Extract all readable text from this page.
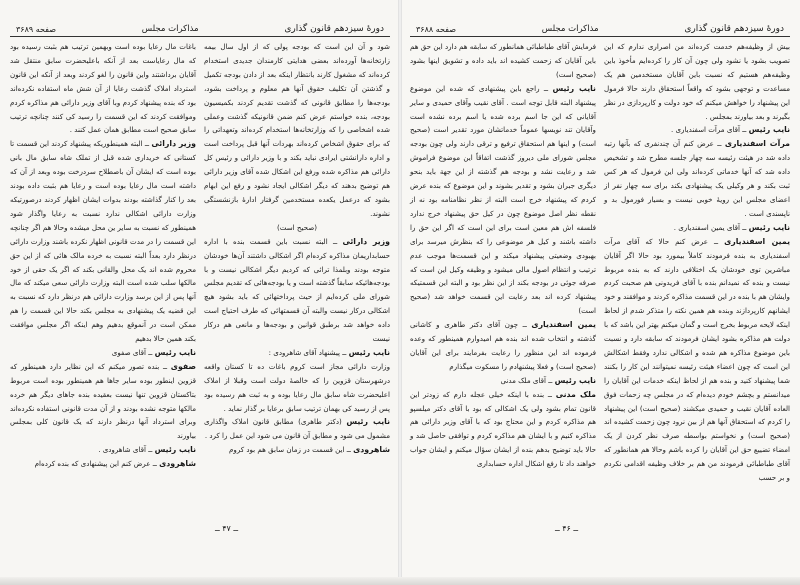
دورهٔ سیزدهم قانون گذاری
مذاکرات مجلس
صفحه ۳۶۸۹

شود و آن این است که بودجه پولی که از اول سال بیمه زارتخانه‌ها آورده‌اند بعضی هدایتی کارمندان جدیدی استخدام کرده‌اند که مشغول کارند بانتظار اینکه بعد از دادن بودجه تکمیل و گذشتن آن تکلیف حقوق آنها هم معلوم و پرداخت بشود، بودجه‌ها را مطابق قانونی که گذشت تقدیم کردند بکمیسیون بودجه، بنده خواستم عرض کنم ضمن قانونیکه گذشت وعملی شده اشخاصی را که وزارتخانه‌ها استخدام کرده‌اند وتعهداتی را که برای حقوق اشخاص کرده‌اند بهردات آنها قبل پرداخت است و اداره دارانشتی ایرادی نباید بکند و با وزیر دارائی و رئیس کل دارائی هم مذاکره شده ورفع این اشکال شده آقای وزیر دارائی هم توضیح بدهند که دیگر اشکالی ایجاد نشود و رفع این ابهام بشود که درعمل یکعده مستخدمین گرفتار ادارهٔ بازنشستگی نشوند.

(صحیح است)

وزیر دارائی ــ البته نسبت باین قسمت بنده با اداره حسابداریمان مذاکره کرده‌ام اگر اشکالی داشتند آن‌ها خودشان متوجه بودند وبلمذا ترائی که کردیم دیگر اشکالی نیست و با بودجه‌هائیکه سابقاً گذشته است و یا بودجه‌هائی که تقدیم مجلس شورای ملی کرده‌ایم از حیث پرداختهائی که باید بشود هیچ اشکالی درکار نیست والبته آن قسمتهائی که طرف احتیاج است داده خواهد شد برطبق قوانین و بودجه‌ها و مانعی هم درکار نیست

نایب رئیس ــ پیشنهاد آقای شاهرودی :

وزارت دارائی مجاز است کروم باغات ده تا کستان واقعه درشهرستان قزوین را که خالصهٔ دولت است وقبلا از املاک اعلیحضرت شاه سابق مال رعایا بوده و به ثبت هم رسیده بود پس از رسید کی بهمان ترتیب سابق برعایا بر گذار نماید .

نایب رئیس (دکتر طاهری) مطابق قانون املاک واگذاری مشمول می شود و مطابق آن قانون می شود این عمل را کرد .

شاهرودی ــ این قسمت در زمان سابق هم بود کروم

باغات مال رعایا بوده است وبهمین ترتیب هم بثبت رسیده بود که مال رعایاست بعد از آنکه باعلیحضرت سابق منتقل شد آقایان برداشتند واین قانون را لغو کردند وبعد از آنکه این قانون استرداد املاک گذشت رعایا از آن شش ماه استفاده نکرده‌اند بود که بنده پیشنهاد کردم وبا آقای وزیر دارائی هم مذاکره کردم وموافقت کردند که این قسمت را رسید کی کنند چنانچه ترتیب سابق صحیح است مطابق همان عمل کنند .

وزیر دارائی ــ البته همینطوریکه پیشنهاد کردند این قسمت تا کستانی که خریداری شده قبل از تملک شاه سابق مال بانی بوده است که ایشان آن باصطلاح سردرخت بوده وبعد از آن که داشته است مال رعایا بوده است و رعایا هم بثبت داده بودند بعد را کنار گذاشته بودند بدوات ایشان اظهار کردند درصورتیکه وزارت دارائی اشکالی ندارد نسبت به رعایا واگذار شود همینطور که نسبت به سایر ین محل میشده وحالا هم اگر چنانچه این قسمت را در مدت قانونی اظهار نکرده باشند وزارت دارائی درنظر دارد بعداً البته نسبت به خرده مالک هائی که از این حق محروم شده اند یک محل والقانی بکند که اگر یک حقی از خود مالکها سلب شده است البته وزارت دارائی سعی میکند که مال آنها پس از این برسد وزارت دارائی هم درنظر دارد که نسبت به این قضیه یک پیشنهادی به مجلس بکند حالا این قسمت را هم ممکن است در آنموقع بدهیم وهم اینکه اگر مجلس موافقت بکند همین حالا بدهیم

نایب رئیس ــ آقای صفوی

صفوی ــ بنده تصور میکنم که این نظایر دارد همینطور که قزوین اینطور بوده سایر جاها هم همینطور بوده است مربوط بتاکستان قزوین تنها نیست بعقیده بنده جاهای دیگر هم خرده مالکها متوجه نشده بودند و از آن مدت قانونی استفاده نکرده‌اند وبرای استرداد آنها درنظر دارند که یک قانون کلی بمجلس بیاورند

نایب رئیس ــ آقای شاهرودی .

شاهرودی ــ عرض کنم این پیشنهادی که بنده کرده‌ام

ــ ۴۷ ــ
دورهٔ سیزدهم قانون گذاری
مذاکرات مجلس
صفحه ۳۶۸۸

بیش از وظیفه‌هم خدمت کرده‌اند من اصراری ندارم که این تصویب بشود یا نشود ولی چون آن کار را کرده‌ایم مأخوذ باین وظیفه‌هم هستیم که نسبت باین آقایان مستخدمین هم یک مساعدت و توجهی بشود که واقعاً استحقاق دارند حالا فرمول این پیشنهاد را خواهش میکنم که خود دولت و کارپردازی در نظر بگیرند و بعد بیاورند بمجلس .

نایب رئیس ــ آقای مرآت اسفندیاری .

مرآت اسفندیاری ــ عرض کنم آن چندنفری که بآنها رتبه داده شد در هیئت رئیسه سه چهار جلسه مطرح شد و تشخیص داده شد که آنها خدماتی کرده‌اند ولی این فرمول که هر کس ثبت بکند و هر وکیلی یک پیشنهادی بکند برای سه چهار نفر از اعضای مجلس این رویهٔ خوبی نیست و بسیار فورمول بد و ناپسندی است .

نایب رئیس ــ آقای یمین اسفندیاری .

یمین اسفندیاری ــ عرض کنم حالا که آقای مرآت اسفندیاری به بنده فرمودند کاملاً بیمورد بود حالا اگر آقایان مباشرین توی خودشان یک اختلافی دارند که به بنده مربوط نیست و بنده که نمیدانم بنده با آقای فریدونی هم صحبت کردم وایشان هم با بنده در این قسمت مذاکره کردند و موافقند و خود ایشانهم کارپردازند وبنده هم همین نکته را متذکر شدم از لحاظ اینکه لایحه مربوط بخرج است و گمان میکنم بهتر این باشد که با دولت هم مذاکره بشود ایشان فرمودند که سابقه دارد و نسبت باین موضوع مذاکره هم شده و اشکالی ندارد وفقط اشکالش این است که چون اعضاء هیئت رئیسه نمیتوانند این کار را بکنند شما پیشنهاد کنید و بنده هم از لحاظ اینکه خدمات این آقایان را میدانستم و بچشم خودم دیده‌ام که در مجلس چه زحمات فوق العاده آقایان نقیب و حمیدی میکشند (صحیح است) این پیشنهاد را کردم که استحقاق آنها هم از بین نرود چون زحمت کشیده اند (صحیح است) و نخواستم بواسطه صرف نظر کردن از یک امضاء تضییع حق این آقایان را کرده باشم وحالا هم همانطور که آقای طباطبائی فرمودند من هم بر خلاف وظیفه اقدامی نکردم و بر حسب

فرمایش آقای طباطبائی همانطور که سابقه هم دارد این حق هم باین آقایان که زحمت کشیده اند باید داده و تشویق اینها بشود (صحیح است)

نایب رئیس ــ راجع باین پیشنهادی که شده این موضوع پیشنهاد البته قابل توجه است . آقای نقیب وآقای حمیدی و سایر آقایانی که این جا اسم برده شده یا اسم برده نشده است وآقایان تند نویسها عموماً خدماتشان مورد تقدیر است (صحیح است) و اینها هم استحقاق ترفیع و ترقی دارند ولی چون بودجه مجلس شورای ملی دیروز گذشت اتفاقاً این موضوع فراموش شد و رعایت نشد و بودجه هم گذشته از این جهة باید بنحو دیگری جبران بشود و تقدیر بشوند و این موضوع که بنده عرض کردم که پیشنهاد خرج است البته از نظر نظامنامه بود نه از نقطه نظر اصل موضوع چون در کیل حق پیشنهاد خرج ندارد فلسفه اش هم معین است برای این است که اگر این حق را داشته باشند و کیل هر موضوعی را که بنظرش میرسد برای بهبودی وضعیتی پیشنهاد میکند و این قسمت‌ها موجب عدم ترتیب و انتظام اصول مالی میشود و وظیفه وکیل این است که صرفه جوئی در بودجه بکند از این نظر بود و البته این قسمتیکه پیشنهاد کرده اند بعد رعایت این قسمت خواهد شد (صحیح است)

یمین اسفندیاری ــ چون آقای دکتر طاهری و کاشانی گذشته و انتخاب شده اند بنده هم امیدوارم همینطور که وعده فرموده اند این منظور را رعایت بفرمایند برای این آقایان (صحیح است) و فعلا پیشنهادم را مسکوت میگذارم

نایب رئیس ــ آقای ملک مدنی

ملک مدنی ــ بنده با اینکه خیلی عجله دارم که زودتر این قانون تمام بشود ولی یک اشکالی که بود با آقای دکتر میلسپو هم مذاکره کردم و این محتاج بود که با آقای وزیر دارائی هم مذاکره کنیم و با ایشان هم مذاکره کردم و توافقی حاصل شد و حالا باید توضیح بدهم بنده از ایشان سؤال میکنم و ایشان جواب خواهند داد تا رفع اشکال اداره حسابداری

ــ ۴۶ ــ
